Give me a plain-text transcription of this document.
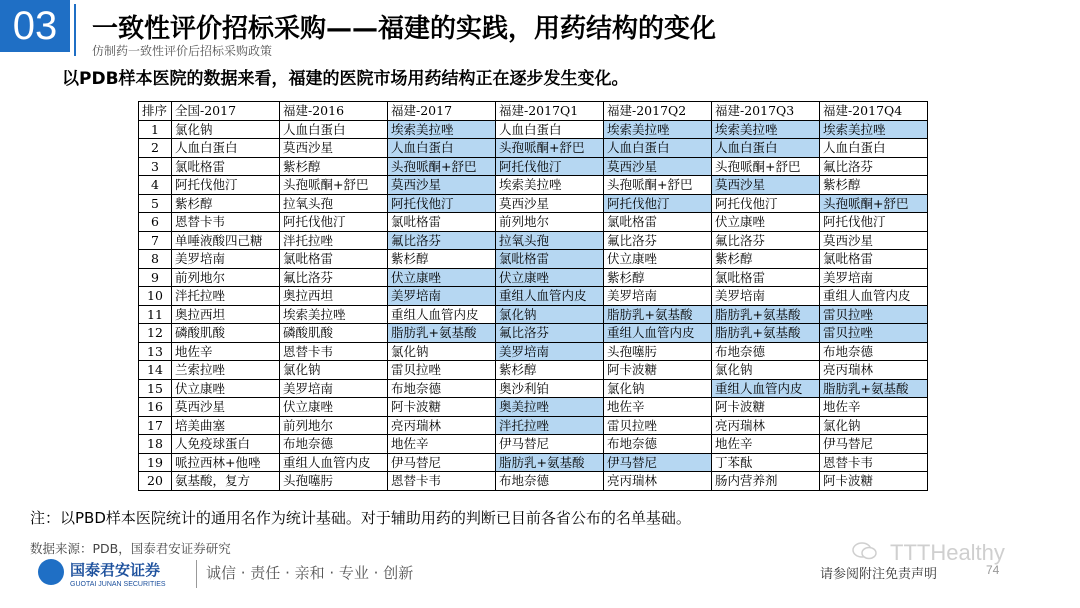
03	一致性评价招标采购——福建的实践，用药结构的变化
仿制药一致性评价后招标采购政策
以PDB样本医院的数据来看，福建的医院市场用药结构正在逐步发生变化。
排序	全国-2017	福建-2016	福建-2017	福建-2017Q1	福建-2017Q2	福建-2017Q3	福建-2017Q4
1	氯化钠	人血白蛋白	埃索美拉唑	人血白蛋白	埃索美拉唑	埃索美拉唑	埃索美拉唑
2	人血白蛋白	莫西沙星	人血白蛋白	头孢哌酮+舒巴	人血白蛋白	人血白蛋白	人血白蛋白
3	氯吡格雷	紫杉醇	头孢哌酮+舒巴	阿托伐他汀	莫西沙星	头孢哌酮+舒巴	氟比洛芬
4	阿托伐他汀	头孢哌酮+舒巴	莫西沙星	埃索美拉唑	头孢哌酮+舒巴	莫西沙星	紫杉醇
5	紫杉醇	拉氧头孢	阿托伐他汀	莫西沙星	阿托伐他汀	阿托伐他汀	头孢哌酮+舒巴
6	恩替卡韦	阿托伐他汀	氯吡格雷	前列地尔	氯吡格雷	伏立康唑	阿托伐他汀
7	单唾液酸四己糖	泮托拉唑	氟比洛芬	拉氧头孢	氟比洛芬	氟比洛芬	莫西沙星
8	美罗培南	氯吡格雷	紫杉醇	氯吡格雷	伏立康唑	紫杉醇	氯吡格雷
9	前列地尔	氟比洛芬	伏立康唑	伏立康唑	紫杉醇	氯吡格雷	美罗培南
10	泮托拉唑	奥拉西坦	美罗培南	重组人血管内皮	美罗培南	美罗培南	重组人血管内皮
11	奥拉西坦	埃索美拉唑	重组人血管内皮	氯化钠	脂肪乳+氨基酸	脂肪乳+氨基酸	雷贝拉唑
12	磷酸肌酸	磷酸肌酸	脂肪乳+氨基酸	氟比洛芬	重组人血管内皮	脂肪乳+氨基酸	雷贝拉唑
13	地佐辛	恩替卡韦	氯化钠	美罗培南	头孢噻肟	布地奈德	布地奈德
14	兰索拉唑	氯化钠	雷贝拉唑	紫杉醇	阿卡波糖	氯化钠	亮丙瑞林
15	伏立康唑	美罗培南	布地奈德	奥沙利铂	氯化钠	重组人血管内皮	脂肪乳+氨基酸
16	莫西沙星	伏立康唑	阿卡波糖	奥美拉唑	地佐辛	阿卡波糖	地佐辛
17	培美曲塞	前列地尔	亮丙瑞林	泮托拉唑	雷贝拉唑	亮丙瑞林	氯化钠
18	人免疫球蛋白	布地奈德	地佐辛	伊马替尼	布地奈德	地佐辛	伊马替尼
19	哌拉西林+他唑	重组人血管内皮	伊马替尼	脂肪乳+氨基酸	伊马替尼	丁苯酞	恩替卡韦
20	氨基酸，复方	头孢噻肟	恩替卡韦	布地奈德	亮丙瑞林	肠内营养剂	阿卡波糖
注：以PBD样本医院统计的通用名作为统计基础。对于辅助用药的判断已目前各省公布的名单基础。
数据来源：PDB，国泰君安证券研究
国泰君安证券
GUOTAI JUNAN SECURITIES
诚信 · 责任 · 亲和 · 专业 · 创新
TTTHealthy
请参阅附注免责声明	74
